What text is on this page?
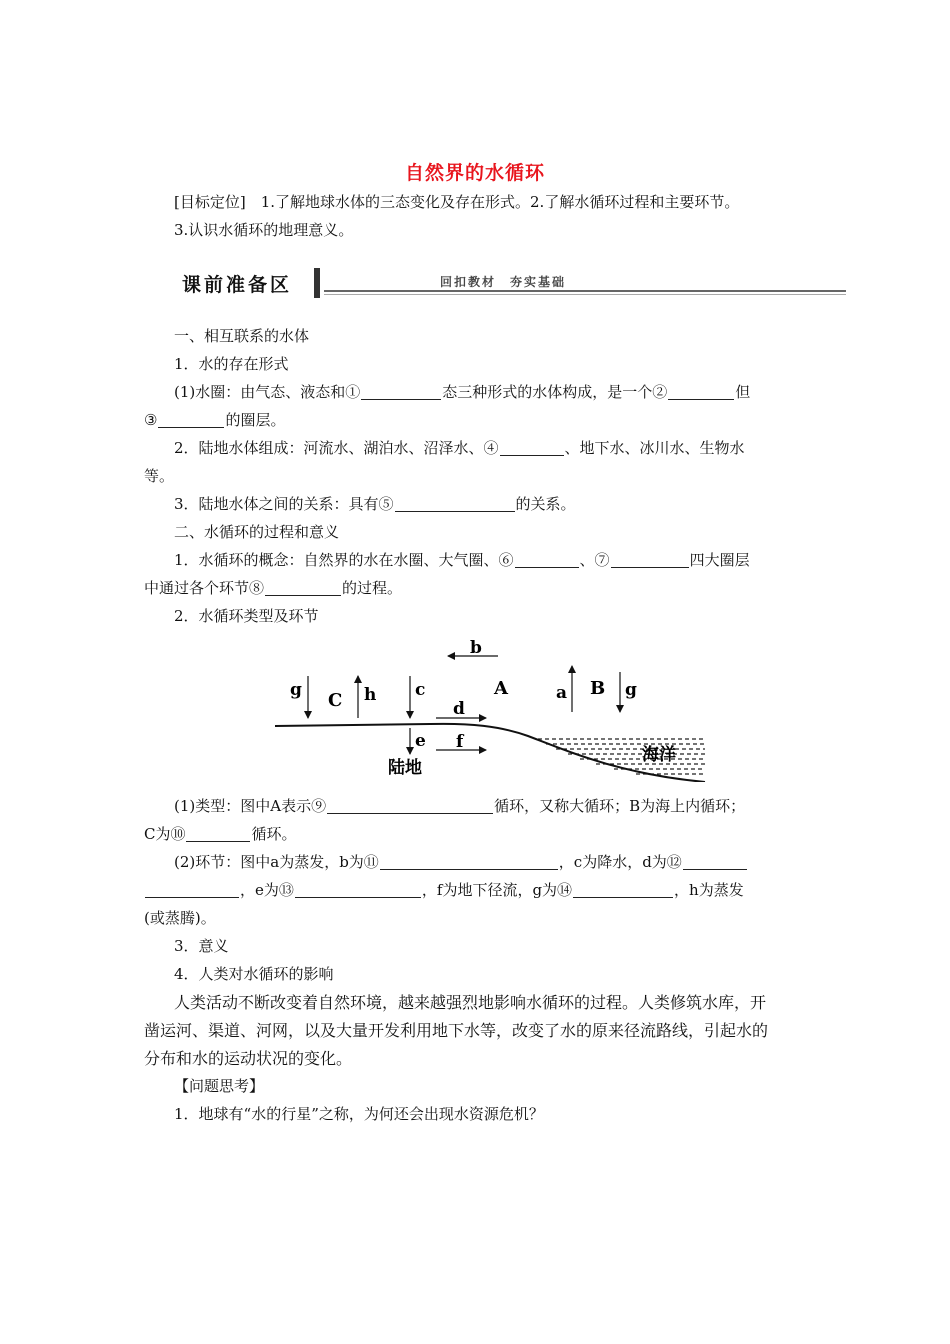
自然界的水循环
[目标定位]　1.了解地球水体的三态变化及存在形式。2.了解水循环过程和主要环节。
3.认识水循环的地理意义。
课前准备区	回扣教材　夯实基础
一、相互联系的水体
1．水的存在形式
(1)水圈：由气态、液态和①	态三种形式的水体构成，是一个②	但
③	的圈层。
2．陆地水体组成：河流水、湖泊水、沼泽水、④	、地下水、冰川水、生物水
等。
3．陆地水体之间的关系：具有⑤	的关系。
二、水循环的过程和意义
1．水循环的概念：自然界的水在水圈、大气圈、⑥	、⑦	四大圈层
中通过各个环节⑧	的过程。
2．水循环类型及环节
b
g C h c	A
d
a B g
e f
陆地
海洋
(1)类型：图中A表示⑨	循环，又称大循环；B为海上内循环；
C为⑩	循环。
(2)环节：图中a为蒸发，b为⑪	，c为降水，d为⑫
，e为⑬	，f为地下径流，g为⑭	，h为蒸发
(或蒸腾)。
3．意义
4．人类对水循环的影响
人类活动不断改变着自然环境，越来越强烈地影响水循环的过程。人类修筑水库，开
凿运河、渠道、河网，以及大量开发利用地下水等，改变了水的原来径流路线，引起水的
分布和水的运动状况的变化。
【问题思考】
1．地球有“水的行星”之称，为何还会出现水资源危机？
